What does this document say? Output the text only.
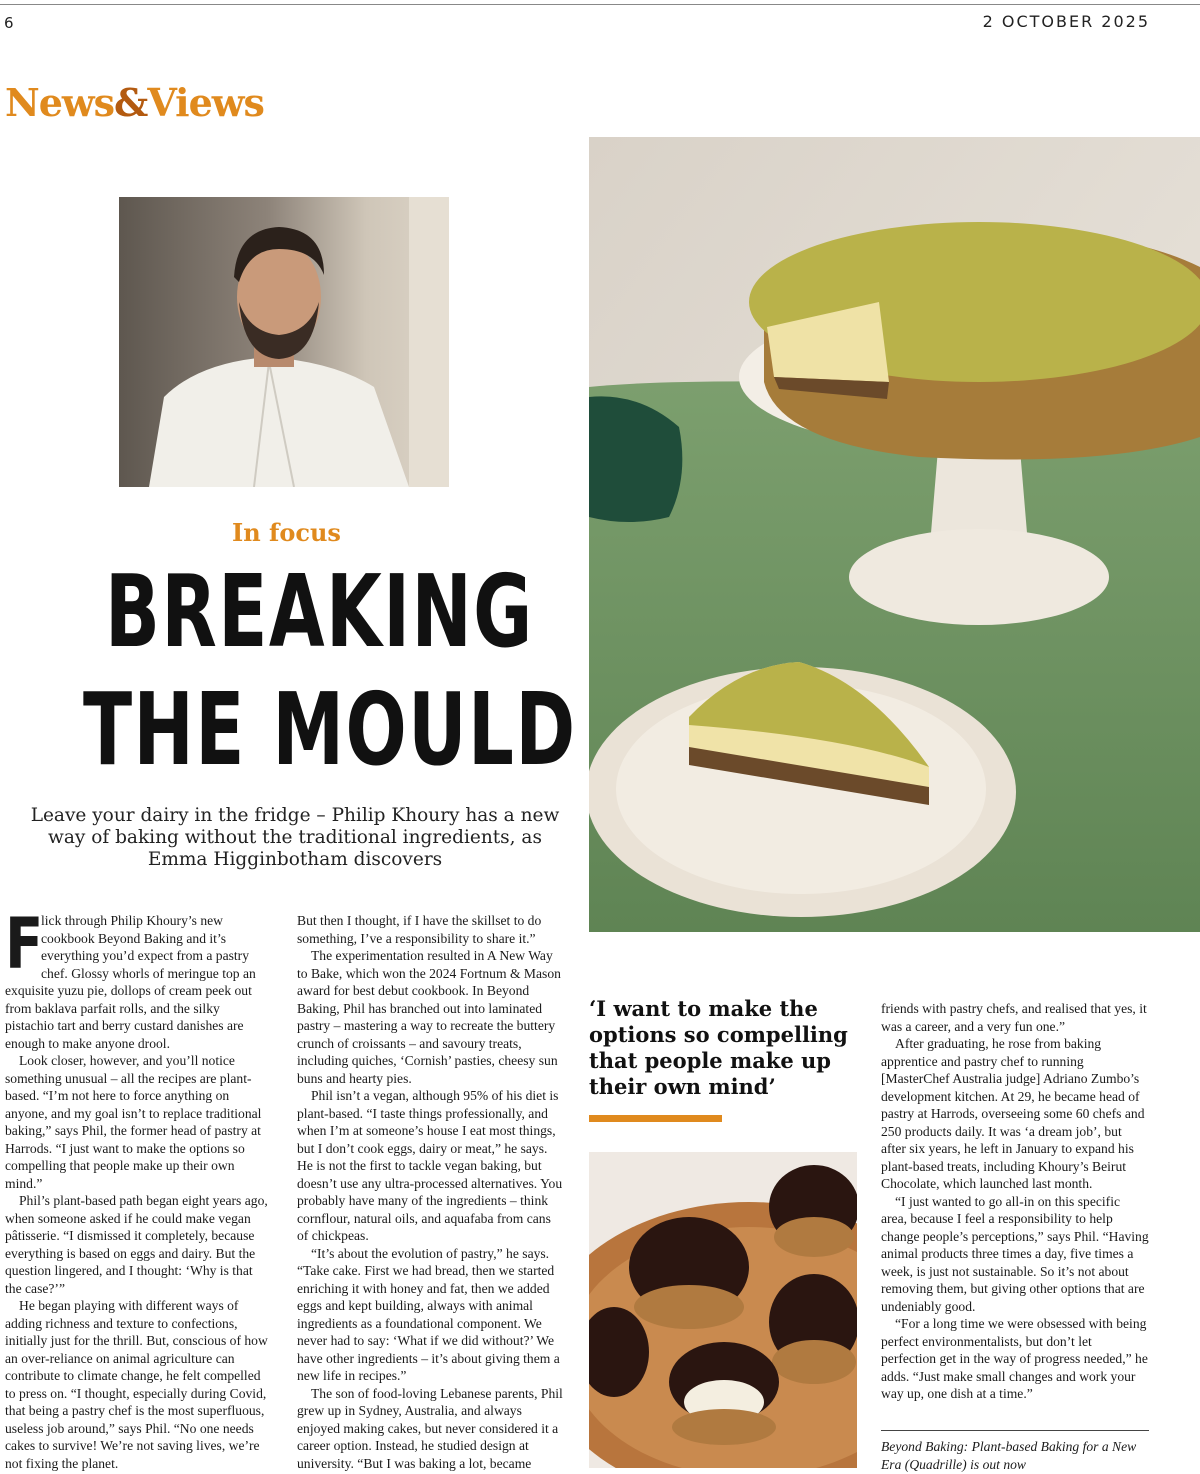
6	2 OCTOBER 2025
News&Views
In focus
BREAKING
THE MOULD
Leave your dairy in the fridge – Philip Khoury has a new way of baking without the traditional ingredients, as Emma Higginbotham discovers
F

lick through Philip Khoury’s new cookbook Beyond Baking and it’s everything you’d expect from a pastry chef. Glossy whorls of meringue top an exquisite yuzu pie, dollops of cream peek out from baklava parfait rolls, and the silky pistachio tart and berry custard danishes are enough to make anyone drool.

Look closer, however, and you’ll notice something unusual – all the recipes are plant-based. “I’m not here to force anything on anyone, and my goal isn’t to replace traditional baking,” says Phil, the former head of pastry at Harrods. “I just want to make the options so compelling that people make up their own mind.”

Phil’s plant-based path began eight years ago, when someone asked if he could make vegan pâtisserie. “I dismissed it completely, because everything is based on eggs and dairy. But the question lingered, and I thought: ‘Why is that the case?’”

He began playing with different ways of adding richness and texture to confections, initially just for the thrill. But, conscious of how an over-reliance on animal agriculture can contribute to climate change, he felt compelled to press on. “I thought, especially during Covid, that being a pastry chef is the most superfluous, useless job around,” says Phil. “No one needs cakes to survive! We’re not saving lives, we’re not fixing the planet.

But then I thought, if I have the skillset to do something, I’ve a responsibility to share it.”

The experimentation resulted in A New Way to Bake, which won the 2024 Fortnum & Mason award for best debut cookbook. In Beyond Baking, Phil has branched out into laminated pastry – mastering a way to recreate the buttery crunch of croissants – and savoury treats, including quiches, ‘Cornish’ pasties, cheesy sun buns and hearty pies.

Phil isn’t a vegan, although 95% of his diet is plant-based. “I taste things professionally, and when I’m at someone’s house I eat most things, but I don’t cook eggs, dairy or meat,” he says. He is not the first to tackle vegan baking, but doesn’t use any ultra-processed alternatives. You probably have many of the ingredients – think cornflour, natural oils, and aquafaba from cans of chickpeas.

“It’s about the evolution of pastry,” he says. “Take cake. First we had bread, then we started enriching it with honey and fat, then we added eggs and kept building, always with animal ingredients as a foundational component. We never had to say: ‘What if we did without?’ We have other ingredients – it’s about giving them a new life in recipes.”

The son of food-loving Lebanese parents, Phil grew up in Sydney, Australia, and always enjoyed making cakes, but never considered it a career option. Instead, he studied design at university. “But I was baking a lot, became

‘I want to make the options so compelling that people make up their own mind’

friends with pastry chefs, and realised that yes, it was a career, and a very fun one.”

After graduating, he rose from baking apprentice and pastry chef to running [MasterChef Australia judge] Adriano Zumbo’s development kitchen. At 29, he became head of pastry at Harrods, overseeing some 60 chefs and 250 products daily. It was ‘a dream job’, but after six years, he left in January to expand his plant-based treats, including Khoury’s Beirut Chocolate, which launched last month.

“I just wanted to go all-in on this specific area, because I feel a responsibility to help change people’s perceptions,” says Phil. “Having animal products three times a day, five times a week, is just not sustainable. So it’s not about removing them, but giving other options that are undeniably good.

“For a long time we were obsessed with being perfect environmentalists, but don’t let perfection get in the way of progress needed,” he adds. “Just make small changes and work your way up, one dish at a time.”

Beyond Baking: Plant-based Baking for a New Era (Quadrille) is out now
